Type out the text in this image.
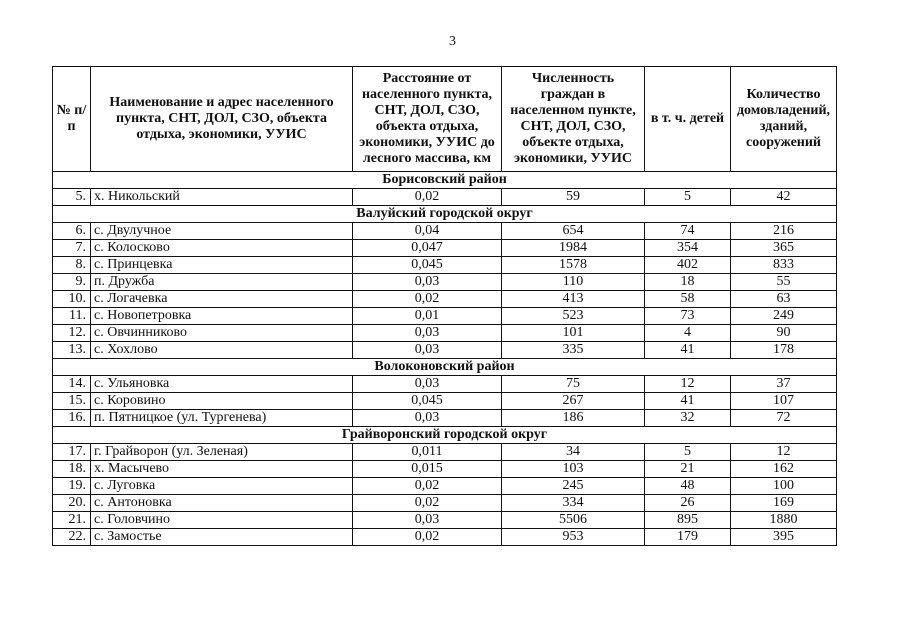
3
№ п/п	Наименование и адрес населенного пункта, СНТ, ДОЛ, СЗО, объекта отдыха, экономики, УУИС	Расстояние от населенного пункта, СНТ, ДОЛ, СЗО, объекта отдыха, экономики, УУИС до лесного массива, км	Численность граждан в населенном пункте, СНТ, ДОЛ, СЗО, объекте отдыха, экономики, УУИС	в т. ч. детей	Количество домовладений, зданий, сооружений
Борисовский район					
5.	х. Никольский	0,02	59	5	42
Валуйский городской округ					
6.	с. Двулучное	0,04	654	74	216
7.	с. Колосково	0,047	1984	354	365
8.	с. Принцевка	0,045	1578	402	833
9.	п. Дружба	0,03	110	18	55
10.	с. Логачевка	0,02	413	58	63
11.	с. Новопетровка	0,01	523	73	249
12.	с. Овчинниково	0,03	101	4	90
13.	с. Хохлово	0,03	335	41	178
Волоконовский район					
14.	с. Ульяновка	0,03	75	12	37
15.	с. Коровино	0,045	267	41	107
16.	п. Пятницкое (ул. Тургенева)	0,03	186	32	72
Грайворонский городской округ					
17.	г. Грайворон (ул. Зеленая)	0,011	34	5	12
18.	х. Масычево	0,015	103	21	162
19.	с. Луговка	0,02	245	48	100
20.	с. Антоновка	0,02	334	26	169
21.	с. Головчино	0,03	5506	895	1880
22.	с. Замостье	0,02	953	179	395
